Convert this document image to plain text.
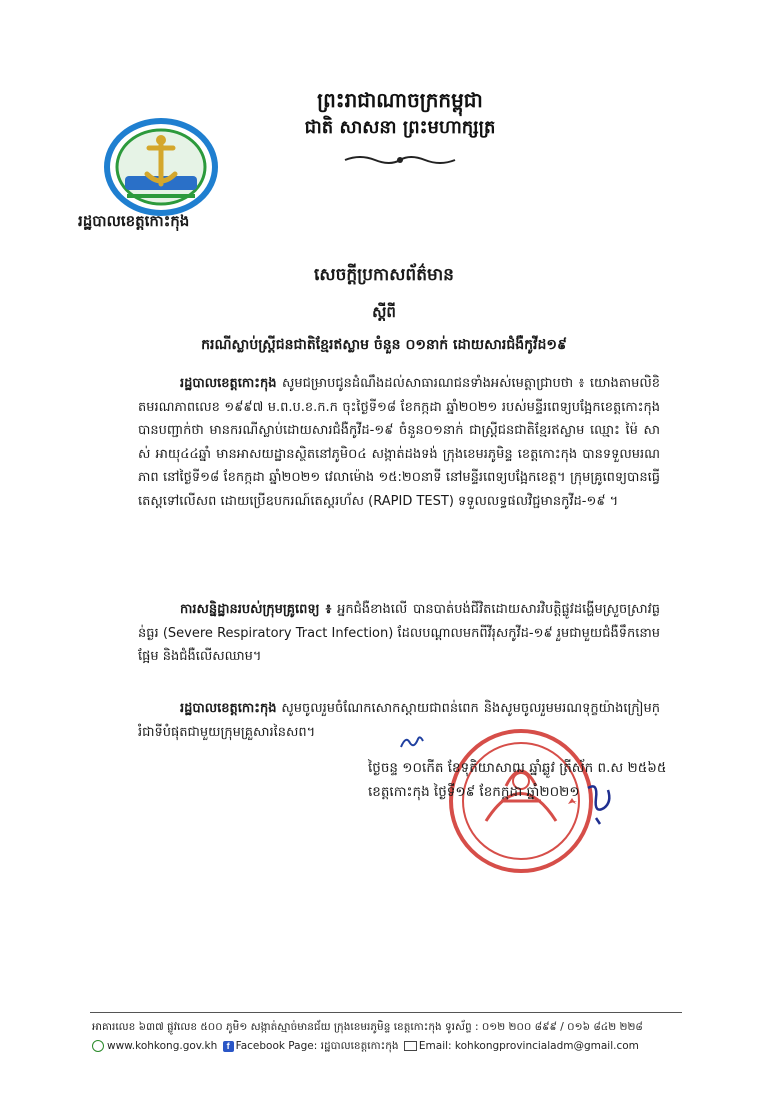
ព្រះរាជាណាចក្រកម្ពុជា
ជាតិ សាសនា ព្រះមហាក្សត្រ
រដ្ឋបាលខេត្តកោះកុង
សេចក្តីប្រកាសព័ត៌មាន
ស្តីពី
ករណីស្លាប់ស្រ្តីជនជាតិខ្មែរឥស្លាម ចំនួន ០១នាក់ ដោយសារជំងឺកូវីដ១៩
រដ្ឋបាលខេត្តកោះកុង សូមជម្រាបជូនដំណឹងដល់សាធារណជនទាំងអស់មេត្តាជ្រាបថា ៖ យោងតាមលិខិតមរណភាពលេខ ១៩៩៧ ម.ព.ប.ខ.ក.ក ចុះថ្ងៃទី១៨ ខែកក្កដា ឆ្នាំ២០២១ របស់មន្ទីរពេទ្យបង្អែកខេត្តកោះកុង បានបញ្ជាក់ថា មានករណីស្លាប់ដោយសារជំងឺកូវីដ-១៩ ចំនួន០១នាក់ ជាស្រ្តីជនជាតិខ្មែរឥស្លាម ឈ្មោះ ម៉ៃ សាស់ អាយុ៤៤ឆ្នាំ មានអាសយដ្ឋានស្ថិតនៅភូមិ០៤ សង្កាត់ដងទង់ ក្រុងខេមរភូមិន្ទ ខេត្តកោះកុង បានទទួលមរណភាព នៅថ្ងៃទី១៨ ខែកក្កដា ឆ្នាំ២០២១ វេលាម៉ោង ១៥:២០នាទី នៅមន្ទីរពេទ្យបង្អែកខេត្ត។ ក្រុមគ្រូពេទ្យបានធ្វើតេស្តទៅលើសព ដោយប្រើឧបករណ៍តេស្តរហ័ស (RAPID TEST) ទទួលលទ្ធផលវិជ្ជមានកូវីដ-១៩ ។
ការសន្និដ្ឋានរបស់ក្រុមគ្រូពេទ្យ ៖ អ្នកជំងឺខាងលើ បានបាត់បង់ជីវិតដោយសារវិបត្តិផ្លូវដង្ហើមស្រួចស្រាវធ្ងន់ធ្ងរ (Severe Respiratory Tract Infection) ដែលបណ្តាលមកពីវីរុសកូវីដ-១៩ រួមជាមួយជំងឺទឹកនោមផ្អែម និងជំងឺលើសឈាម។
រដ្ឋបាលខេត្តកោះកុង សូមចូលរួមចំណែកសោកស្តាយជាពន់ពេក និងសូមចូលរួមមរណទុក្ខយ៉ាងក្រៀមក្រំជាទីបំផុតជាមួយក្រុមគ្រួសារនៃសព។
ថ្ងៃចន្ទ ១០កើត ខែទុតិយាសាឍ ឆ្នាំឆ្លូវ ត្រីស័ក ព.ស ២៥៦៥
ខេត្តកោះកុង ថ្ងៃទី១៩ ខែកក្កដា ឆ្នាំ២០២១
អាគារលេខ ៦៣៧ ផ្លូវលេខ ៥០០ ភូមិ១ សង្កាត់ស្មាច់មានជ័យ ក្រុងខេមរភូមិន្ទ ខេត្តកោះកុង ទូរស័ព្ទ : ០១២ ២០០ ៨៩៩ / ០១៦ ៨៤២ ២២៨
www.kohkong.gov.kh f Facebook Page: រដ្ឋបាលខេត្តកោះកុង Email: kohkongprovincialadm@gmail.com
